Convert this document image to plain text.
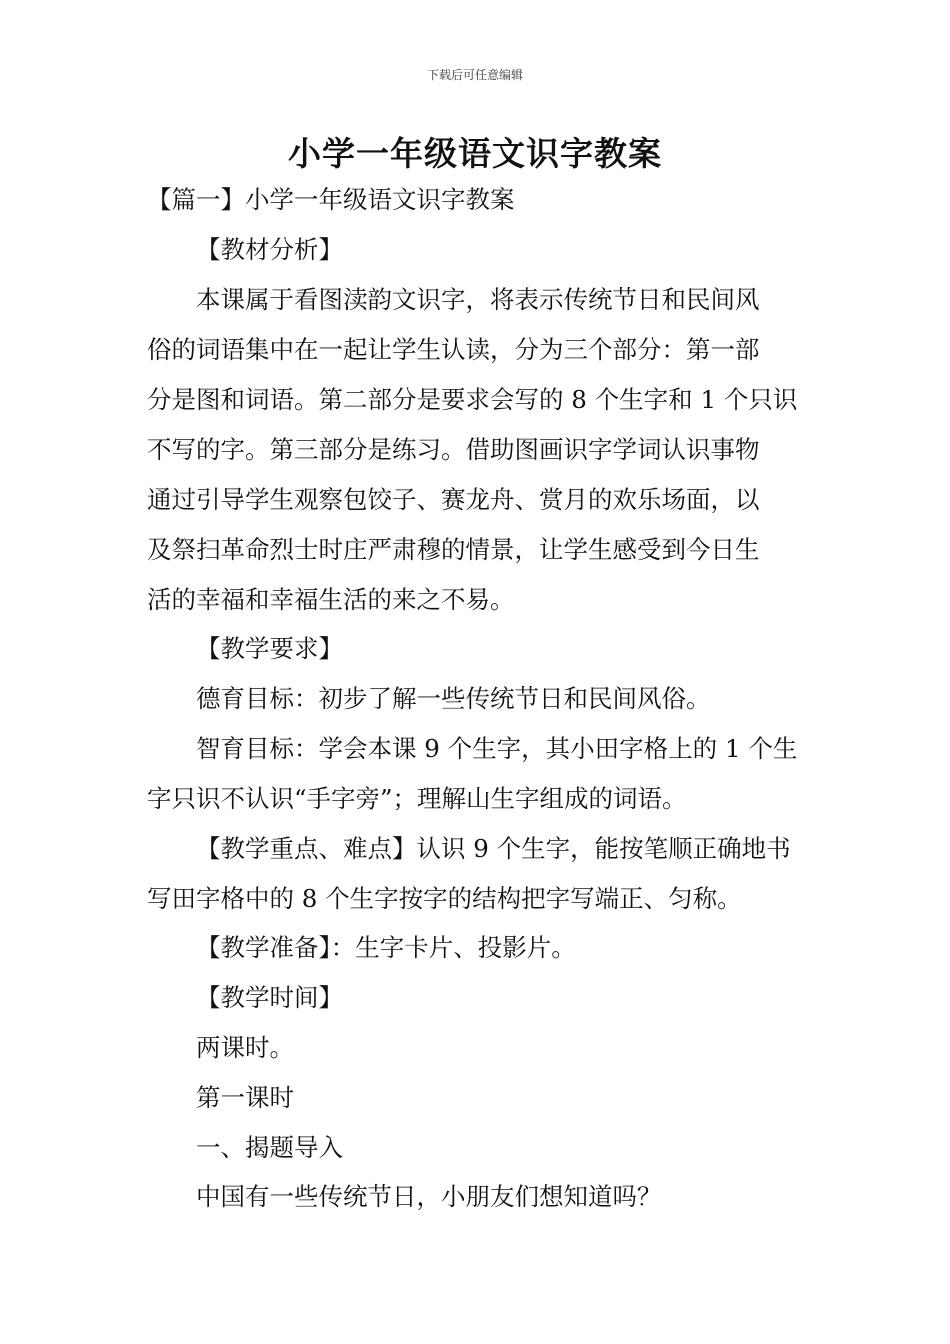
下载后可任意编辑
小学一年级语文识字教案
【篇一】小学一年级语文识字教案
【教材分析】
本课属于看图渎韵文识字，将表示传统节日和民间风
俗的词语集中在一起让学生认读，分为三个部分：第一部
分是图和词语。第二部分是要求会写的 8 个生字和 1 个只识
不写的字。第三部分是练习。借助图画识字学词认识事物
通过引导学生观察包饺子、赛龙舟、赏月的欢乐场面，以
及祭扫革命烈士时庄严肃穆的情景，让学生感受到今日生
活的幸福和幸福生活的来之不易。
【教学要求】
德育目标：初步了解一些传统节日和民间风俗。
智育目标：学会本课 9 个生字，其小田字格上的 1 个生
字只识不认识“手字旁”；理解山生字组成的词语。
【教学重点、难点】认识 9 个生字，能按笔顺正确地书
写田字格中的 8 个生字按字的结构把字写端正、匀称。
【教学准备】：生字卡片、投影片。
【教学时间】
两课时。
第一课时
一、揭题导入
中国有一些传统节日，小朋友们想知道吗？
